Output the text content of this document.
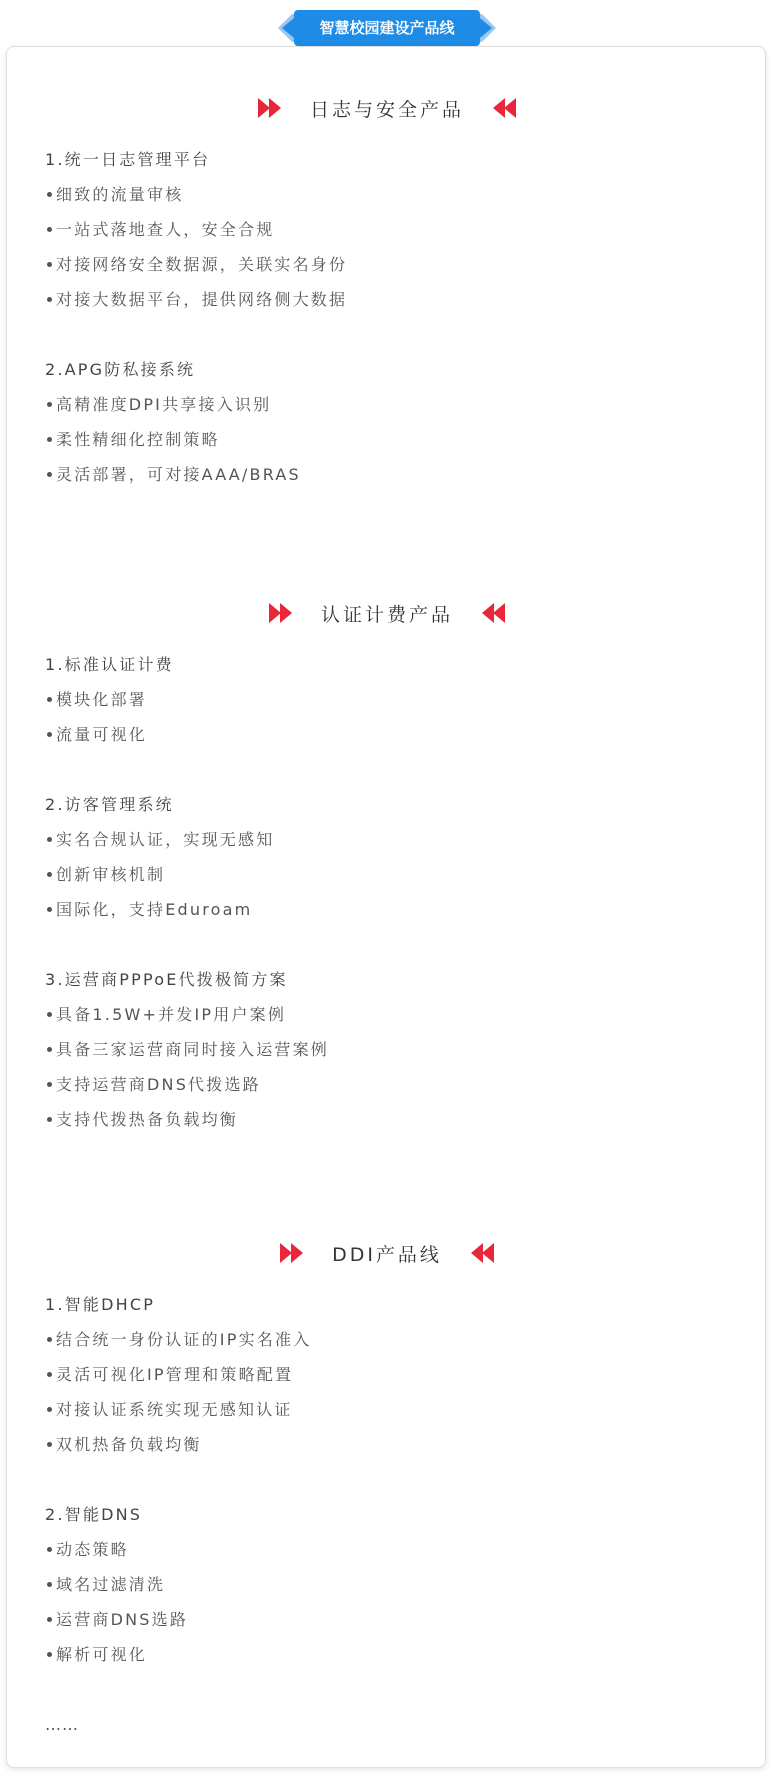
智慧校园建设产品线
日志与安全产品
1.统一日志管理平台
细致的流量审核
一站式落地查人，安全合规
对接网络安全数据源，关联实名身份
对接大数据平台，提供网络侧大数据
2.APG防私接系统
高精准度DPI共享接入识别
柔性精细化控制策略
灵活部署，可对接AAA/BRAS
认证计费产品
1.标准认证计费
模块化部署
流量可视化
2.访客管理系统
实名合规认证，实现无感知
创新审核机制
国际化，支持Eduroam
3.运营商PPPoE代拨极简方案
具备1.5W+并发IP用户案例
具备三家运营商同时接入运营案例
支持运营商DNS代拨选路
支持代拨热备负载均衡
DDI产品线
1.智能DHCP
结合统一身份认证的IP实名准入
灵活可视化IP管理和策略配置
对接认证系统实现无感知认证
双机热备负载均衡
2.智能DNS
动态策略
域名过滤清洗
运营商DNS选路
解析可视化
……
